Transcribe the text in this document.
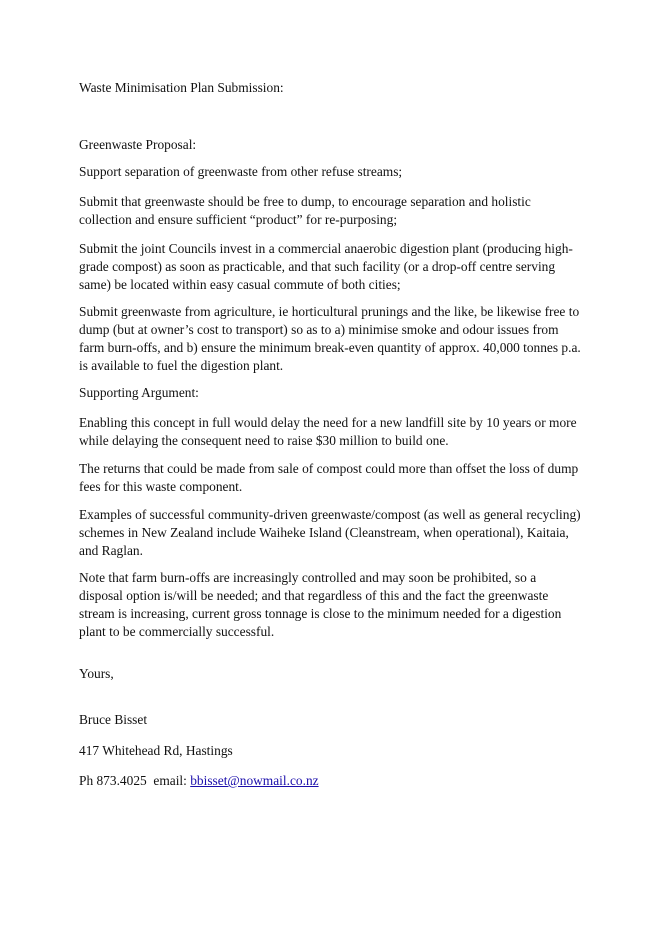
Waste Minimisation Plan Submission:
Greenwaste Proposal:
Support separation of greenwaste from other refuse streams;
Submit that greenwaste should be free to dump, to encourage separation and holistic
collection and ensure sufficient “product” for re-purposing;
Submit the joint Councils invest in a commercial anaerobic digestion plant (producing high-
grade compost) as soon as practicable, and that such facility (or a drop-off centre serving
same) be located within easy casual commute of both cities;
Submit greenwaste from agriculture, ie horticultural prunings and the like, be likewise free to
dump (but at owner’s cost to transport) so as to a) minimise smoke and odour issues from
farm burn-offs, and b) ensure the minimum break-even quantity of approx. 40,000 tonnes p.a.
is available to fuel the digestion plant.
Supporting Argument:
Enabling this concept in full would delay the need for a new landfill site by 10 years or more
while delaying the consequent need to raise $30 million to build one.
The returns that could be made from sale of compost could more than offset the loss of dump
fees for this waste component.
Examples of successful community-driven greenwaste/compost (as well as general recycling)
schemes in New Zealand include Waiheke Island (Cleanstream, when operational), Kaitaia,
and Raglan.
Note that farm burn-offs are increasingly controlled and may soon be prohibited, so a
disposal option is/will be needed; and that regardless of this and the fact the greenwaste
stream is increasing, current gross tonnage is close to the minimum needed for a digestion
plant to be commercially successful.
Yours,
Bruce Bisset
417 Whitehead Rd, Hastings
Ph 873.4025  email: bbisset@nowmail.co.nz
